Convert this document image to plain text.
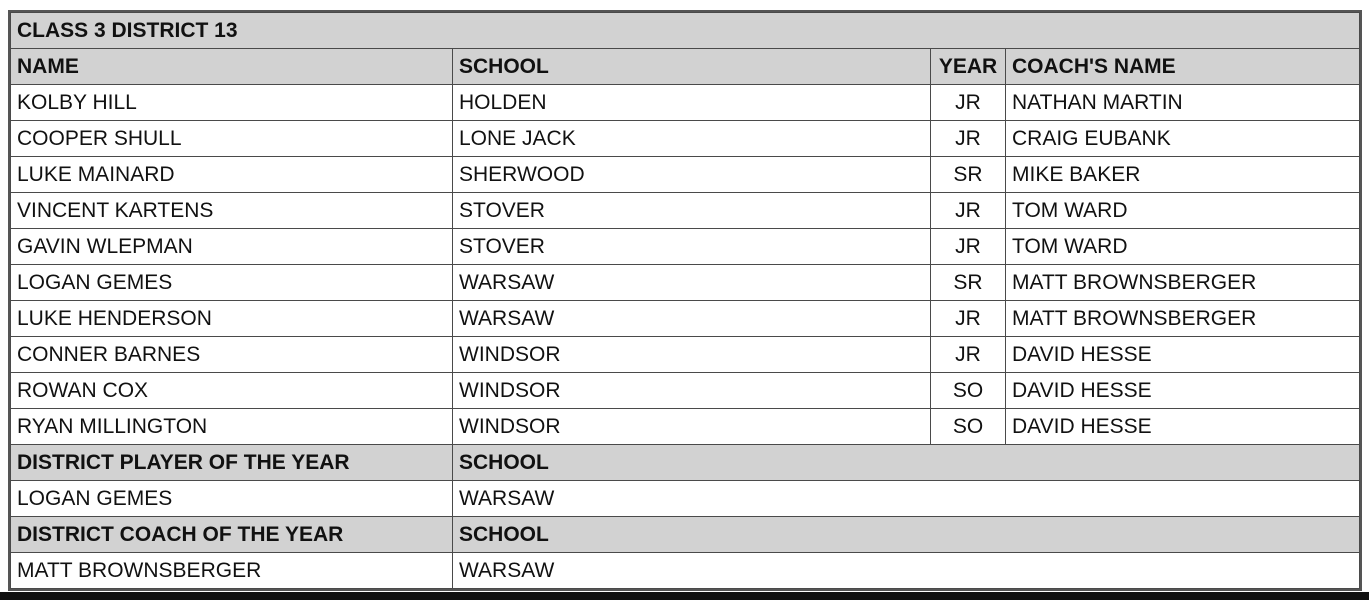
CLASS 3 DISTRICT 13			
NAME	SCHOOL	YEAR	COACH'S NAME
KOLBY HILL	HOLDEN	JR	NATHAN MARTIN
COOPER SHULL	LONE JACK	JR	CRAIG EUBANK
LUKE MAINARD	SHERWOOD	SR	MIKE BAKER
VINCENT KARTENS	STOVER	JR	TOM WARD
GAVIN WLEPMAN	STOVER	JR	TOM WARD
LOGAN GEMES	WARSAW	SR	MATT BROWNSBERGER
LUKE HENDERSON	WARSAW	JR	MATT BROWNSBERGER
CONNER BARNES	WINDSOR	JR	DAVID HESSE
ROWAN COX	WINDSOR	SO	DAVID HESSE
RYAN MILLINGTON	WINDSOR	SO	DAVID HESSE
DISTRICT PLAYER OF THE YEAR	SCHOOL		
LOGAN GEMES	WARSAW		
DISTRICT COACH OF THE YEAR	SCHOOL		
MATT BROWNSBERGER	WARSAW		
